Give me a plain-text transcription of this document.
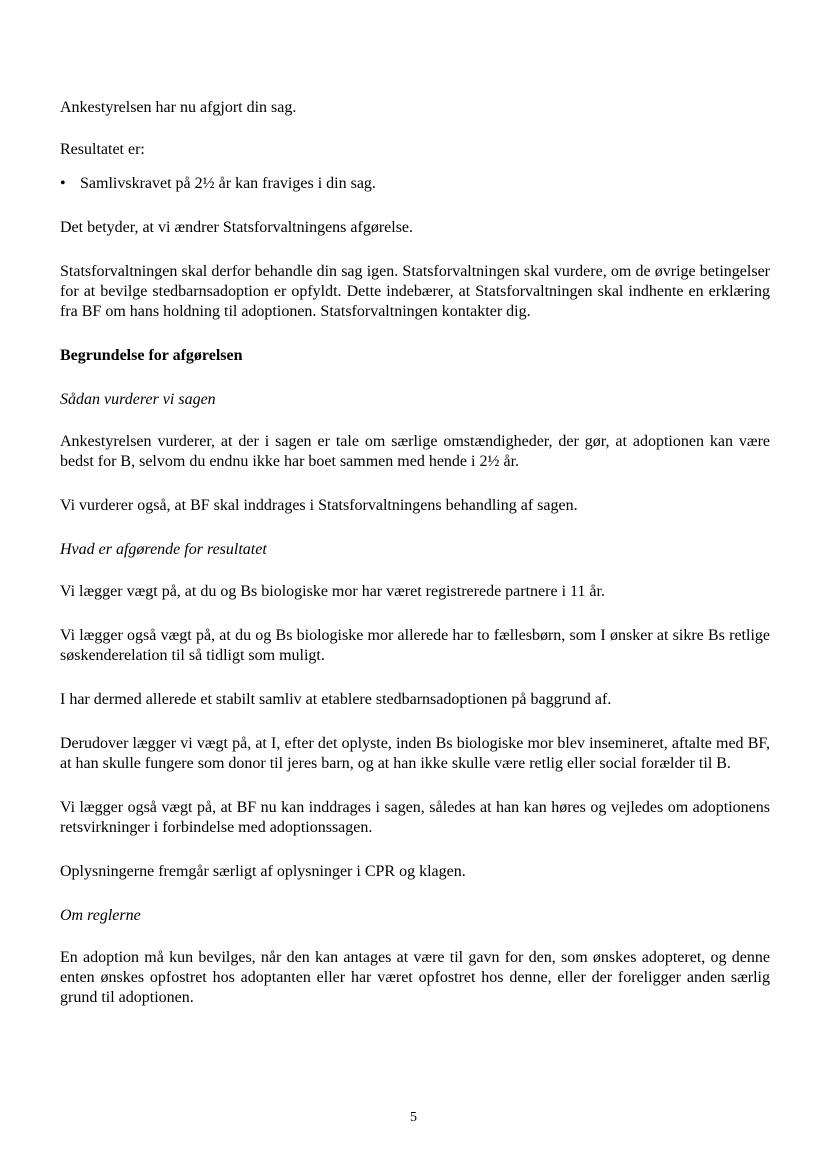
Ankestyrelsen har nu afgjort din sag.

Resultatet er:

• Samlivskravet på 2½ år kan fraviges i din sag.

Det betyder, at vi ændrer Statsforvaltningens afgørelse.

Statsforvaltningen skal derfor behandle din sag igen. Statsforvaltningen skal vurdere, om de øvrige betingelser for at bevilge stedbarnsadoption er opfyldt. Dette indebærer, at Statsforvaltningen skal indhente en erklæring fra BF om hans holdning til adoptionen. Statsforvaltningen kontakter dig.

Begrundelse for afgørelsen

Sådan vurderer vi sagen

Ankestyrelsen vurderer, at der i sagen er tale om særlige omstændigheder, der gør, at adoptionen kan være bedst for B, selvom du endnu ikke har boet sammen med hende i 2½ år.

Vi vurderer også, at BF skal inddrages i Statsforvaltningens behandling af sagen.

Hvad er afgørende for resultatet

Vi lægger vægt på, at du og Bs biologiske mor har været registrerede partnere i 11 år.

Vi lægger også vægt på, at du og Bs biologiske mor allerede har to fællesbørn, som I ønsker at sikre Bs retlige søskenderelation til så tidligt som muligt.

I har dermed allerede et stabilt samliv at etablere stedbarnsadoptionen på baggrund af.

Derudover lægger vi vægt på, at I, efter det oplyste, inden Bs biologiske mor blev insemineret, aftalte med BF, at han skulle fungere som donor til jeres barn, og at han ikke skulle være retlig eller social forælder til B.

Vi lægger også vægt på, at BF nu kan inddrages i sagen, således at han kan høres og vejledes om adoptionens retsvirkninger i forbindelse med adoptionssagen.

Oplysningerne fremgår særligt af oplysninger i CPR og klagen.

Om reglerne

En adoption må kun bevilges, når den kan antages at være til gavn for den, som ønskes adopteret, og denne enten ønskes opfostret hos adoptanten eller har været opfostret hos denne, eller der foreligger anden særlig grund til adoptionen.

5
